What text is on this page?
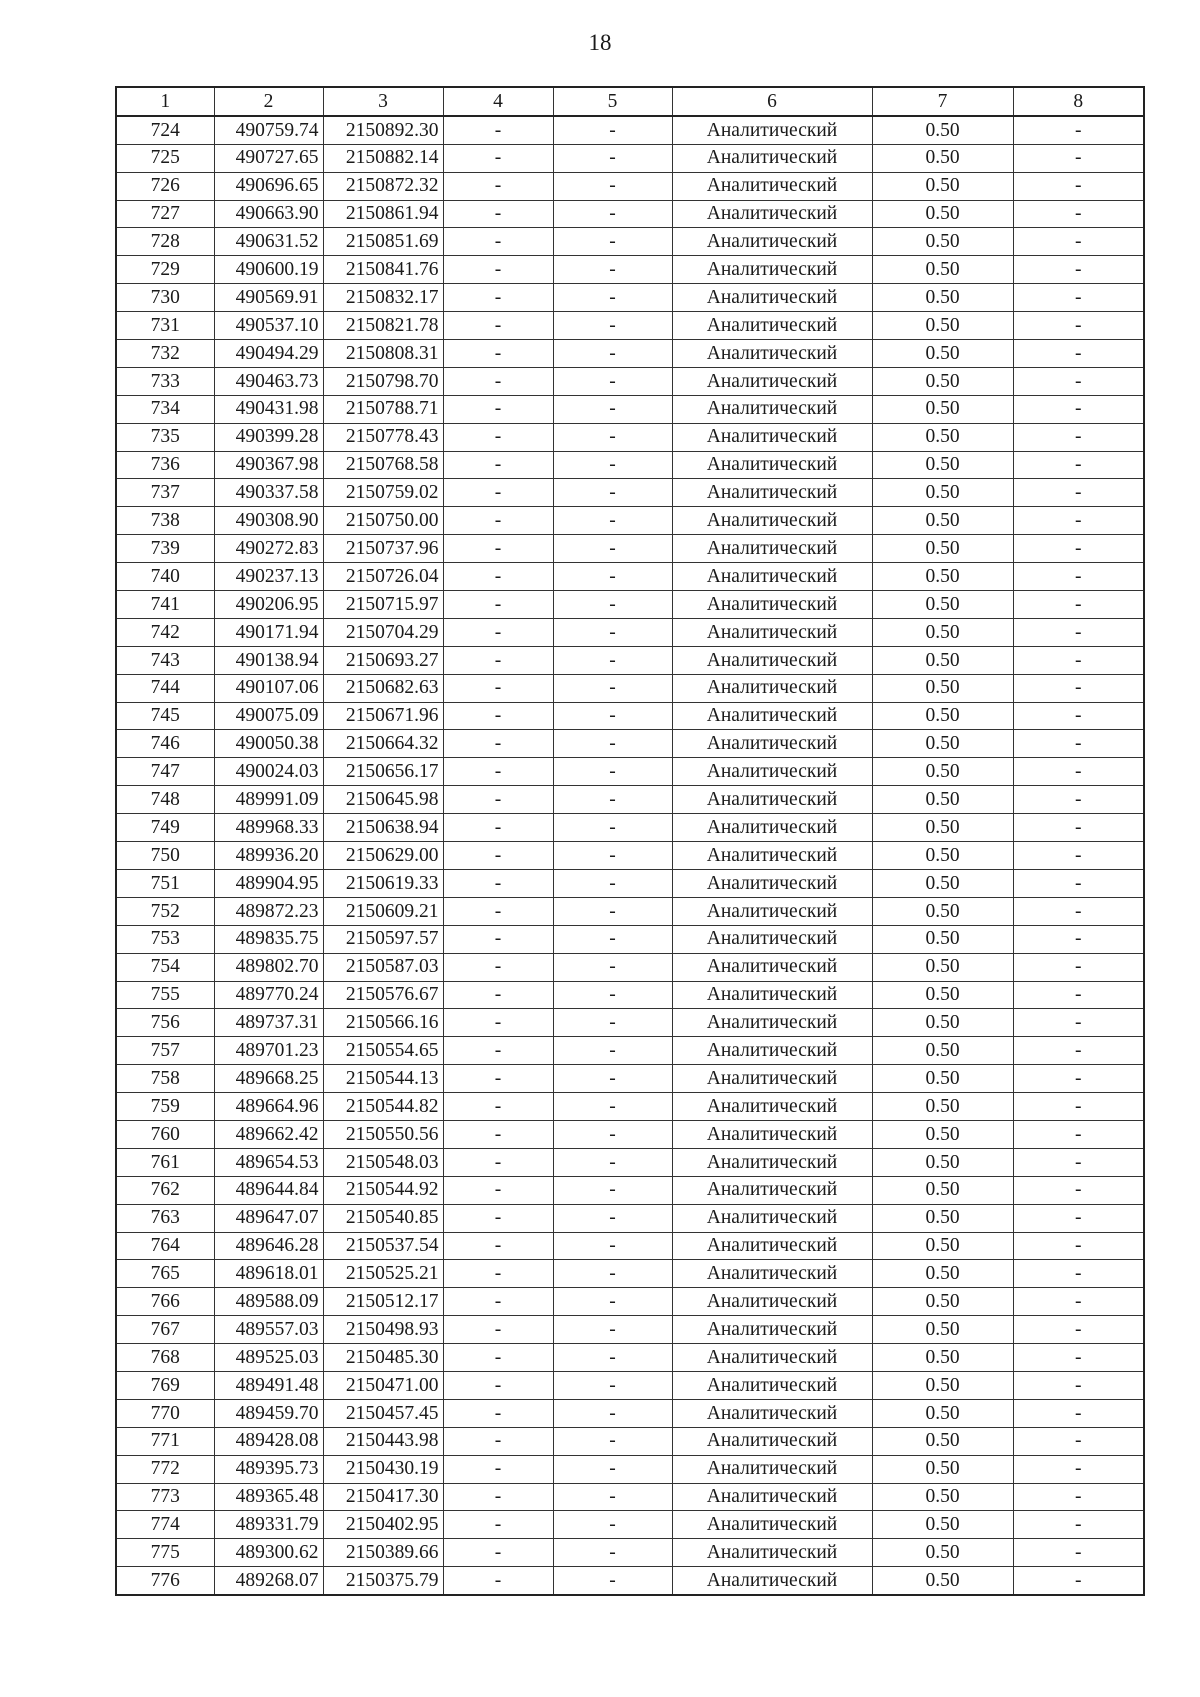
18
1	2	3	4	5	6	7	8
724	490759.74	2150892.30	-	-	Аналитический	0.50	-
725	490727.65	2150882.14	-	-	Аналитический	0.50	-
726	490696.65	2150872.32	-	-	Аналитический	0.50	-
727	490663.90	2150861.94	-	-	Аналитический	0.50	-
728	490631.52	2150851.69	-	-	Аналитический	0.50	-
729	490600.19	2150841.76	-	-	Аналитический	0.50	-
730	490569.91	2150832.17	-	-	Аналитический	0.50	-
731	490537.10	2150821.78	-	-	Аналитический	0.50	-
732	490494.29	2150808.31	-	-	Аналитический	0.50	-
733	490463.73	2150798.70	-	-	Аналитический	0.50	-
734	490431.98	2150788.71	-	-	Аналитический	0.50	-
735	490399.28	2150778.43	-	-	Аналитический	0.50	-
736	490367.98	2150768.58	-	-	Аналитический	0.50	-
737	490337.58	2150759.02	-	-	Аналитический	0.50	-
738	490308.90	2150750.00	-	-	Аналитический	0.50	-
739	490272.83	2150737.96	-	-	Аналитический	0.50	-
740	490237.13	2150726.04	-	-	Аналитический	0.50	-
741	490206.95	2150715.97	-	-	Аналитический	0.50	-
742	490171.94	2150704.29	-	-	Аналитический	0.50	-
743	490138.94	2150693.27	-	-	Аналитический	0.50	-
744	490107.06	2150682.63	-	-	Аналитический	0.50	-
745	490075.09	2150671.96	-	-	Аналитический	0.50	-
746	490050.38	2150664.32	-	-	Аналитический	0.50	-
747	490024.03	2150656.17	-	-	Аналитический	0.50	-
748	489991.09	2150645.98	-	-	Аналитический	0.50	-
749	489968.33	2150638.94	-	-	Аналитический	0.50	-
750	489936.20	2150629.00	-	-	Аналитический	0.50	-
751	489904.95	2150619.33	-	-	Аналитический	0.50	-
752	489872.23	2150609.21	-	-	Аналитический	0.50	-
753	489835.75	2150597.57	-	-	Аналитический	0.50	-
754	489802.70	2150587.03	-	-	Аналитический	0.50	-
755	489770.24	2150576.67	-	-	Аналитический	0.50	-
756	489737.31	2150566.16	-	-	Аналитический	0.50	-
757	489701.23	2150554.65	-	-	Аналитический	0.50	-
758	489668.25	2150544.13	-	-	Аналитический	0.50	-
759	489664.96	2150544.82	-	-	Аналитический	0.50	-
760	489662.42	2150550.56	-	-	Аналитический	0.50	-
761	489654.53	2150548.03	-	-	Аналитический	0.50	-
762	489644.84	2150544.92	-	-	Аналитический	0.50	-
763	489647.07	2150540.85	-	-	Аналитический	0.50	-
764	489646.28	2150537.54	-	-	Аналитический	0.50	-
765	489618.01	2150525.21	-	-	Аналитический	0.50	-
766	489588.09	2150512.17	-	-	Аналитический	0.50	-
767	489557.03	2150498.93	-	-	Аналитический	0.50	-
768	489525.03	2150485.30	-	-	Аналитический	0.50	-
769	489491.48	2150471.00	-	-	Аналитический	0.50	-
770	489459.70	2150457.45	-	-	Аналитический	0.50	-
771	489428.08	2150443.98	-	-	Аналитический	0.50	-
772	489395.73	2150430.19	-	-	Аналитический	0.50	-
773	489365.48	2150417.30	-	-	Аналитический	0.50	-
774	489331.79	2150402.95	-	-	Аналитический	0.50	-
775	489300.62	2150389.66	-	-	Аналитический	0.50	-
776	489268.07	2150375.79	-	-	Аналитический	0.50	-
